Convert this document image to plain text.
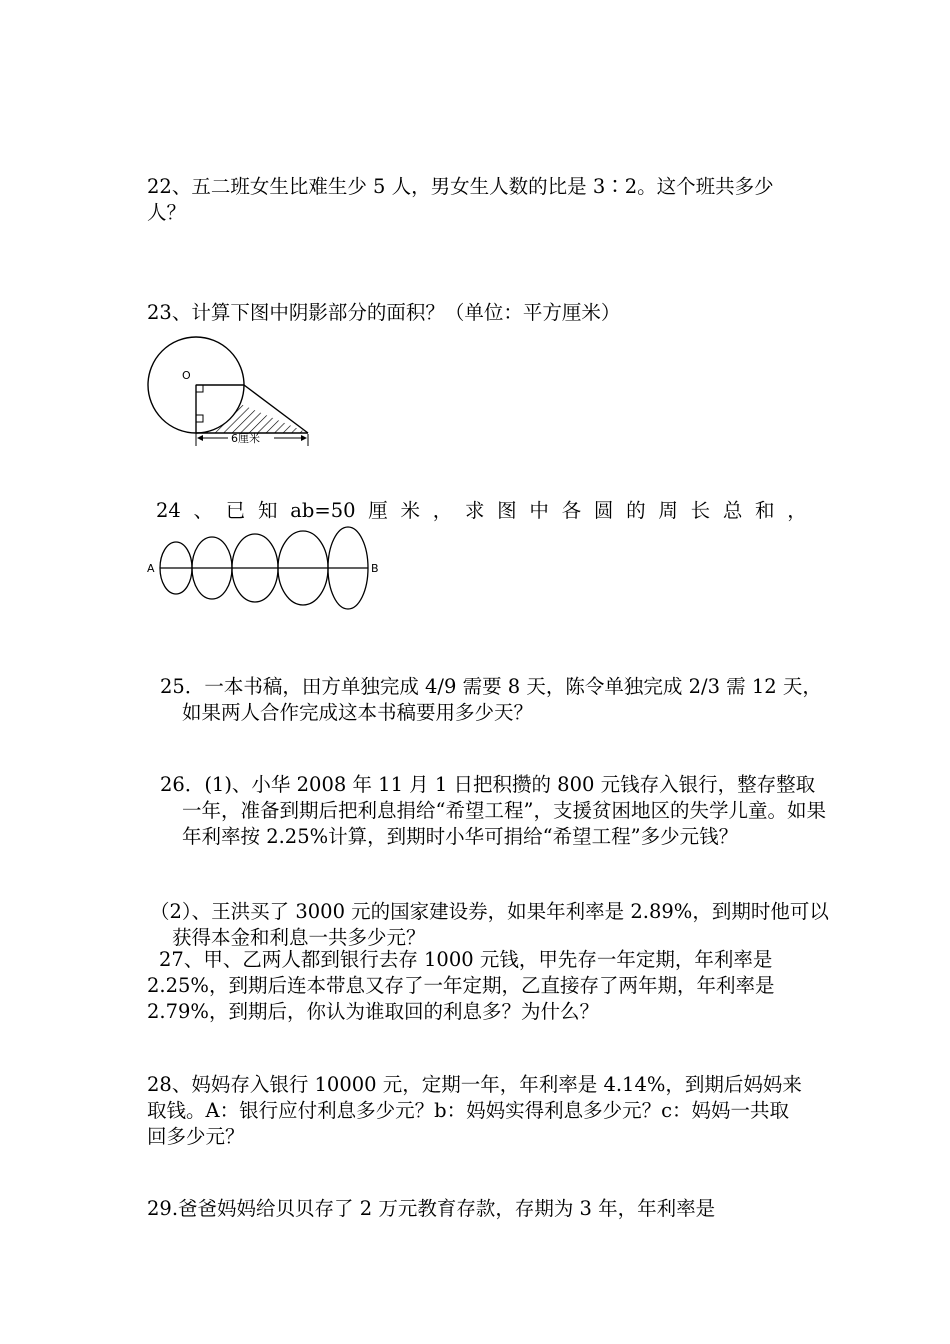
22、五二班女生比难生少 5 人，男女生人数的比是 3∶2。这个班共多少人？

23、计算下图中阴影部分的面积？（单位：平方厘米）

O
6厘米
24 、 已 知 ab=50 厘 米 ， 求 图 中 各 圆 的 周 长 总 和 ，
A	B

25．一本书稿，田方单独完成 4/9 需要 8 天，陈令单独完成 2/3 需 12 天，如果两人合作完成这本书稿要用多少天？

26．(1)、小华 2008 年 11 月 1 日把积攒的 800 元钱存入银行，整存整取一年，准备到期后把利息捐给“希望工程”，支援贫困地区的失学儿童。如果年利率按 2.25%计算，到期时小华可捐给“希望工程”多少元钱？

（2）、王洪买了 3000 元的国家建设券，如果年利率是 2.89%，到期时他可以获得本金和利息一共多少元？

27、甲、乙两人都到银行去存 1000 元钱，甲先存一年定期，年利率是 2.25%，到期后连本带息又存了一年定期，乙直接存了两年期，年利率是 2.79%，到期后，你认为谁取回的利息多？为什么？

28、妈妈存入银行 10000 元，定期一年，年利率是 4.14%，到期后妈妈来取钱。A：银行应付利息多少元？b：妈妈实得利息多少元？c：妈妈一共取回多少元？

29.爸爸妈妈给贝贝存了 2 万元教育存款，存期为 3 年，年利率是
